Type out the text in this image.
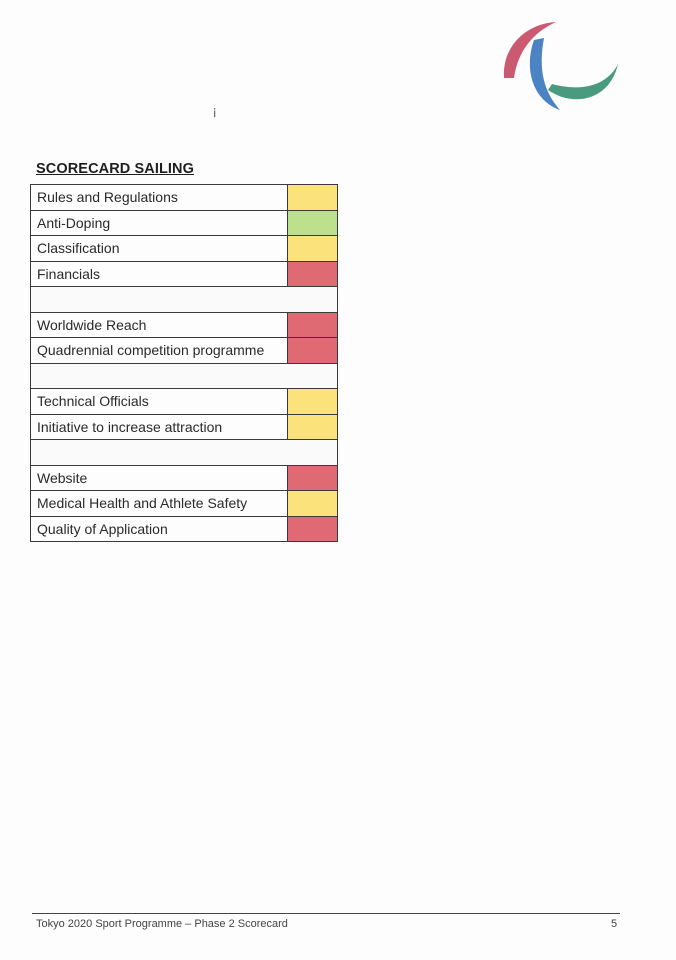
ⅰ
SCORECARD SAILING
Rules and Regulations	
Anti-Doping	
Classification	
Financials	

Worldwide Reach	
Quadrennial competition programme	

Technical Officials	
Initiative to increase attraction	

Website	
Medical Health and Athlete Safety	
Quality of Application	
Tokyo 2020 Sport Programme – Phase 2 Scorecard	5
